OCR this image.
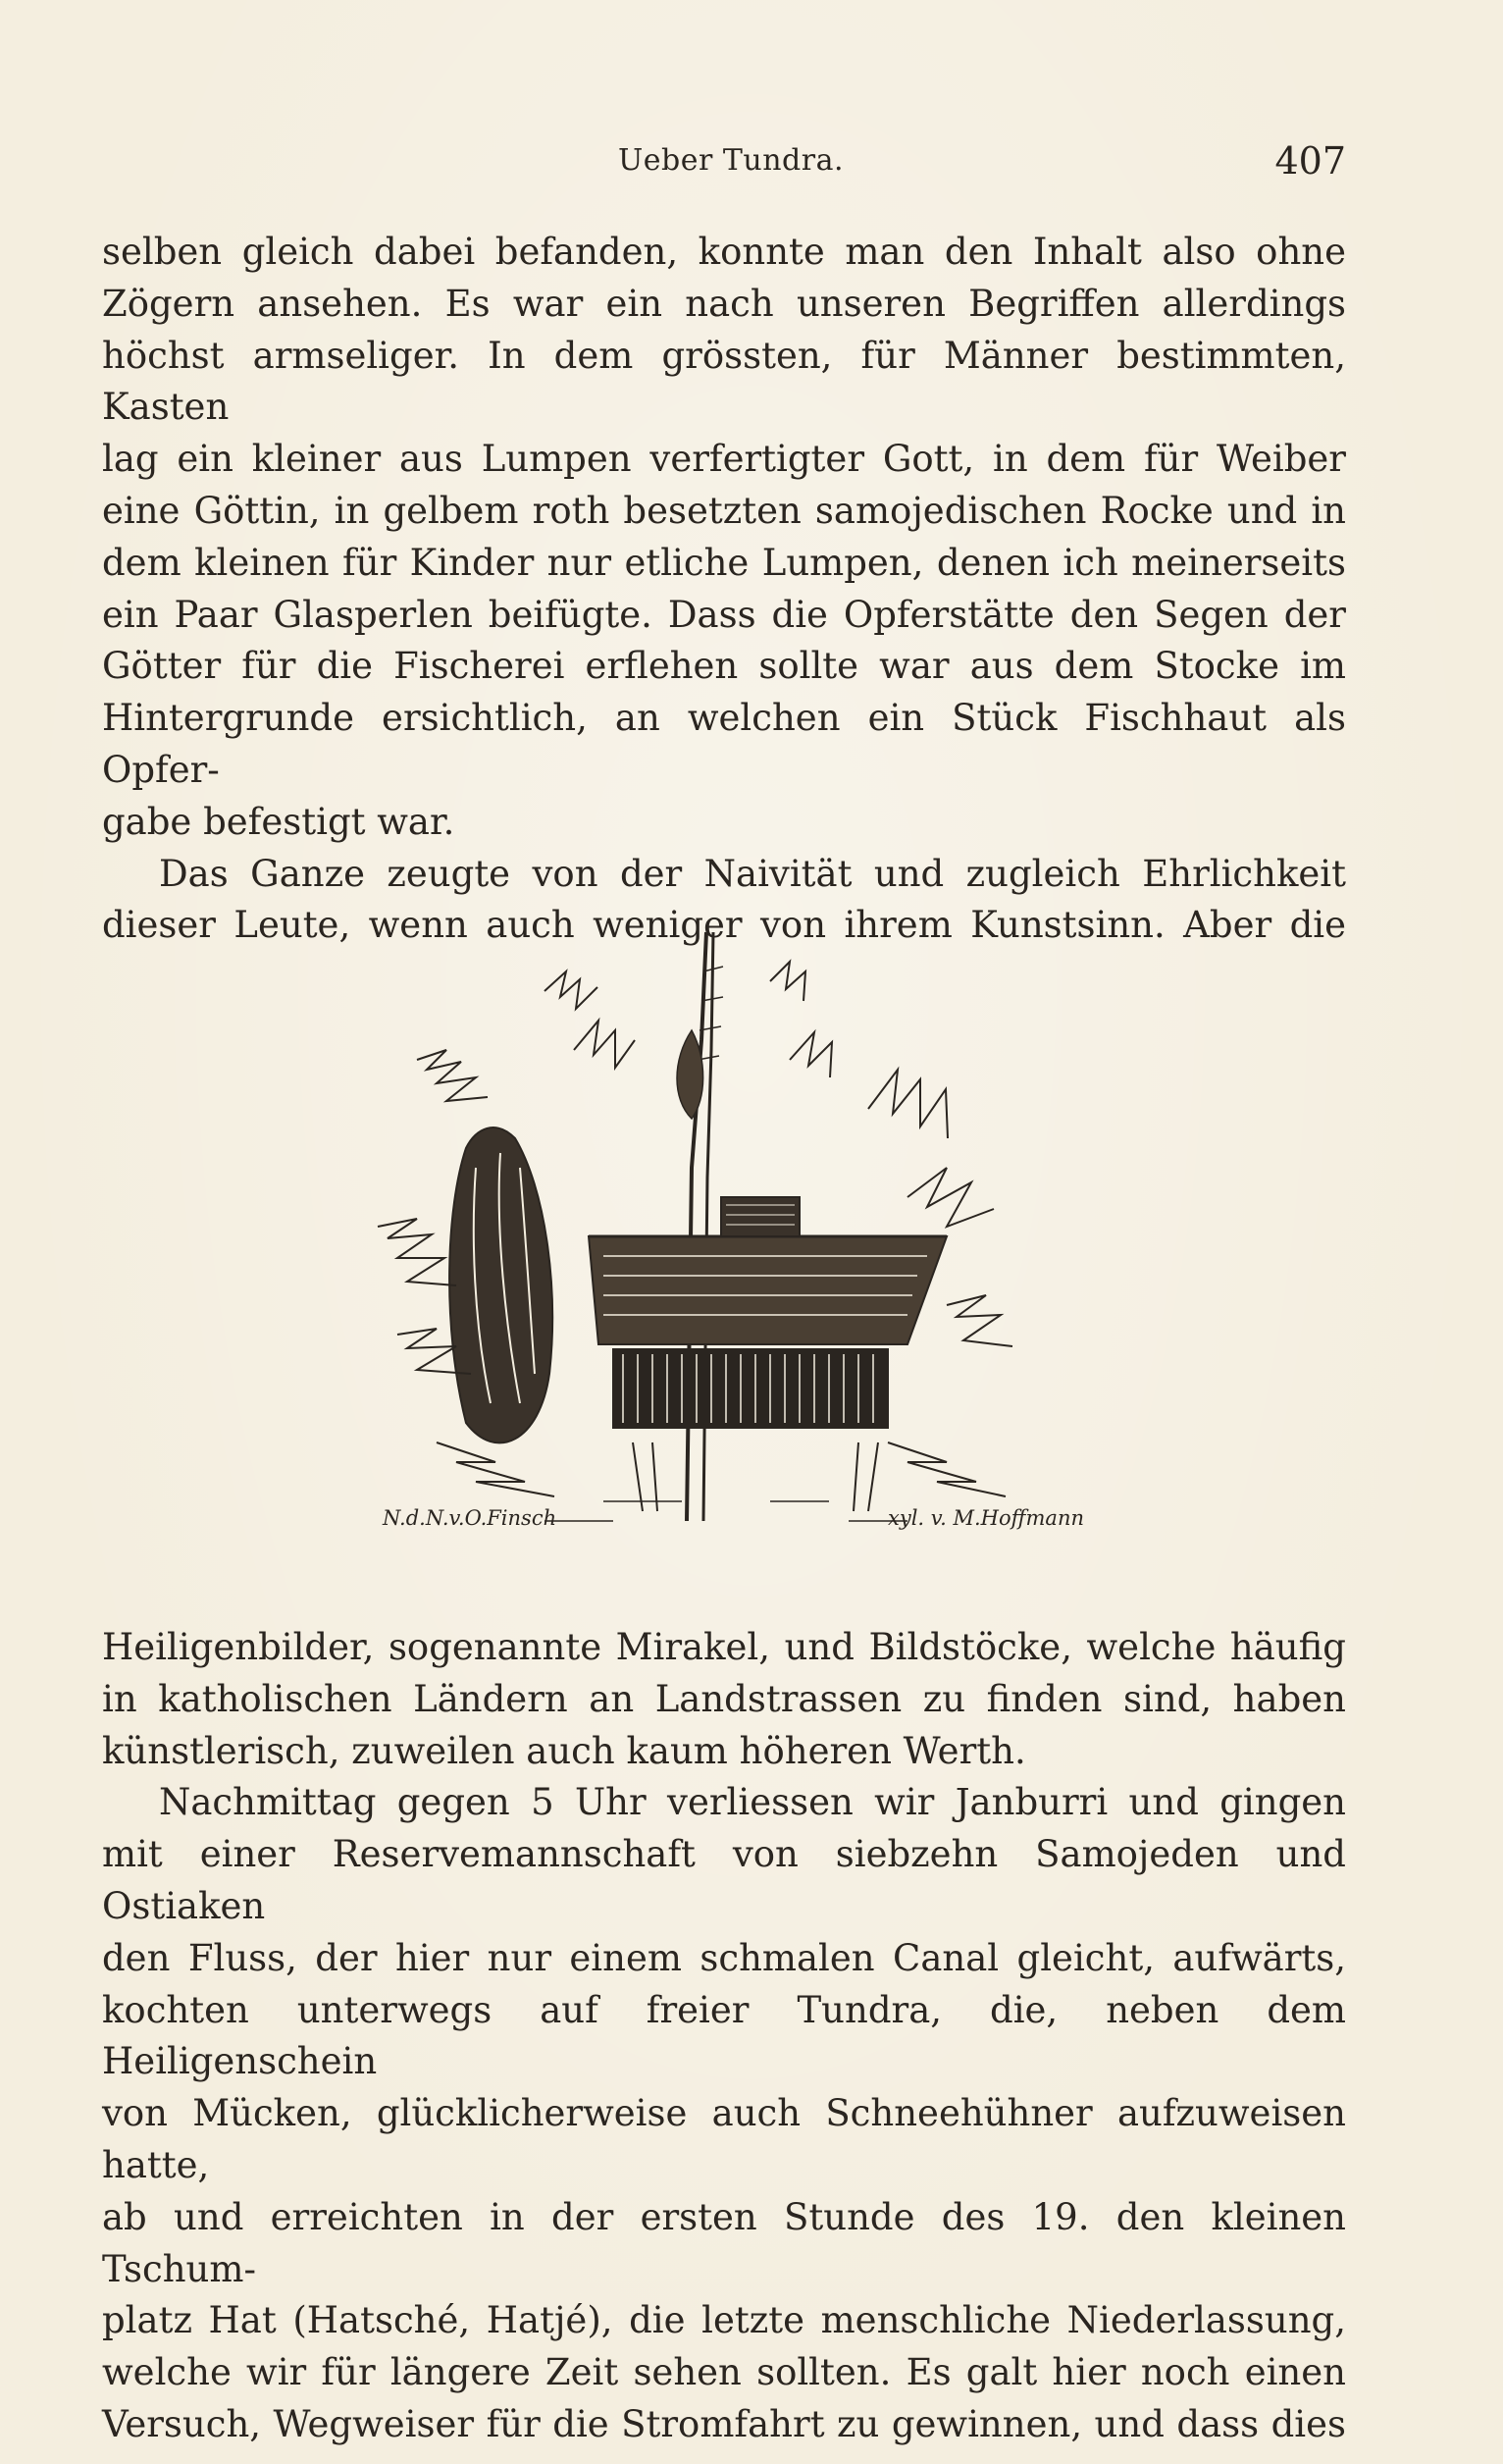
Ueber Tundra.	407

selben gleich dabei befanden, konnte man den Inhalt also ohne

Zögern ansehen. Es war ein nach unseren Begriffen allerdings

höchst armseliger. In dem grössten, für Männer bestimmten, Kasten

lag ein kleiner aus Lumpen verfertigter Gott, in dem für Weiber

eine Göttin, in gelbem roth besetzten samojedischen Rocke und in

dem kleinen für Kinder nur etliche Lumpen, denen ich meinerseits

ein Paar Glasperlen beifügte. Dass die Opferstätte den Segen der

Götter für die Fischerei erflehen sollte war aus dem Stocke im

Hintergrunde ersichtlich, an welchen ein Stück Fischhaut als Opfer-

gabe befestigt war.

Das Ganze zeugte von der Naivität und zugleich Ehrlichkeit

dieser Leute, wenn auch weniger von ihrem Kunstsinn. Aber die

N.d.N.v.O.Finsch	xyl. v. M.Hoffmann

Heiligenbilder, sogenannte Mirakel, und Bildstöcke, welche häufig

in katholischen Ländern an Landstrassen zu finden sind, haben

künstlerisch, zuweilen auch kaum höheren Werth.

Nachmittag gegen 5 Uhr verliessen wir Janburri und gingen

mit einer Reservemannschaft von siebzehn Samojeden und Ostiaken

den Fluss, der hier nur einem schmalen Canal gleicht, aufwärts,

kochten unterwegs auf freier Tundra, die, neben dem Heiligenschein

von Mücken, glücklicherweise auch Schneehühner aufzuweisen hatte,

ab und erreichten in der ersten Stunde des 19. den kleinen Tschum-

platz Hat (Hatsché, Hatjé), die letzte menschliche Niederlassung,

welche wir für längere Zeit sehen sollten. Es galt hier noch einen

Versuch, Wegweiser für die Stromfahrt zu gewinnen, und dass dies
